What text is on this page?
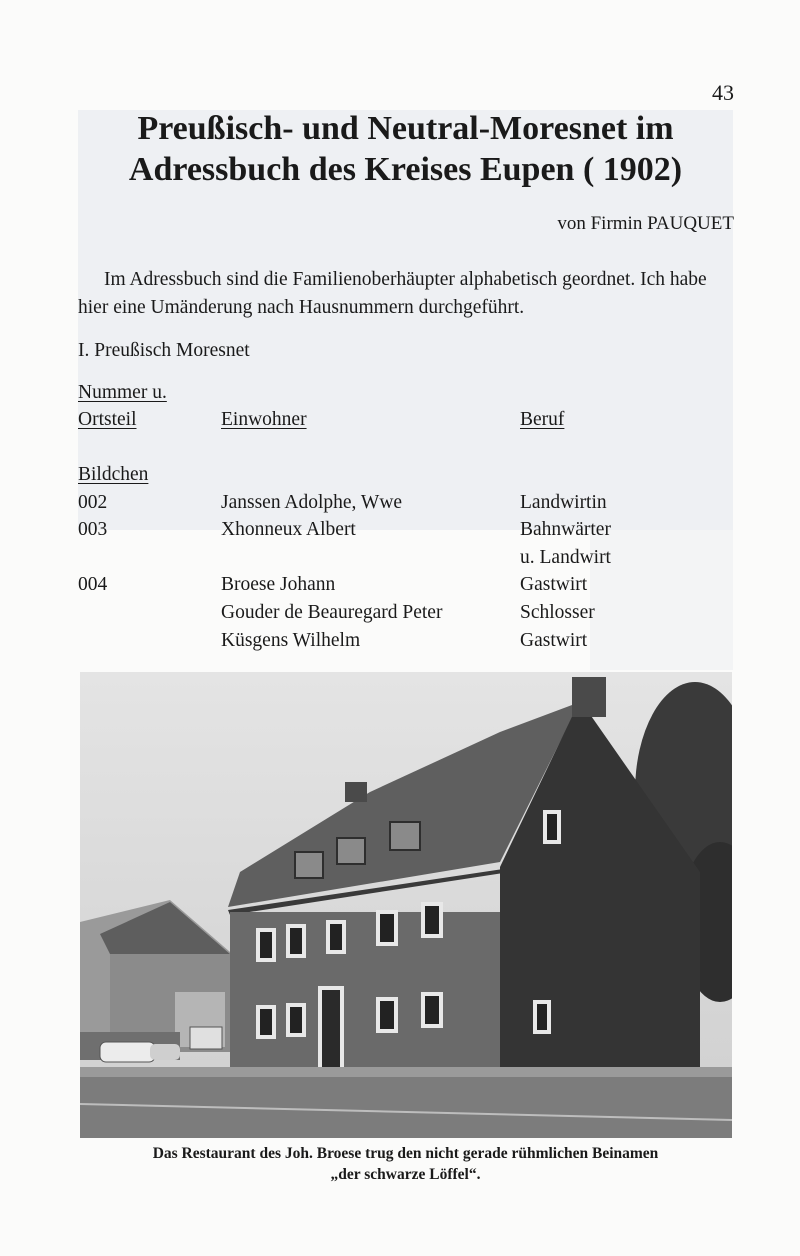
43
Preußisch- und Neutral-Moresnet im Adressbuch des Kreises Eupen ( 1902)
von Firmin PAUQUET

Im Adressbuch sind die Familienoberhäupter alphabetisch geordnet. Ich habe hier eine Umänderung nach Hausnummern durchgeführt.

I. Preußisch Moresnet
Nummer u.
Ortsteil	Einwohner	Beruf
Bildchen
002	Janssen Adolphe, Wwe	Landwirtin
003	Xhonneux Albert	Bahnwärter
u. Landwirt
004	Broese Johann	Gastwirt
Gouder de Beauregard Peter	Schlosser
Küsgens Wilhelm	Gastwirt

Das Restaurant des Joh. Broese trug den nicht gerade rühmlichen Beinamen
„der schwarze Löffel“.
